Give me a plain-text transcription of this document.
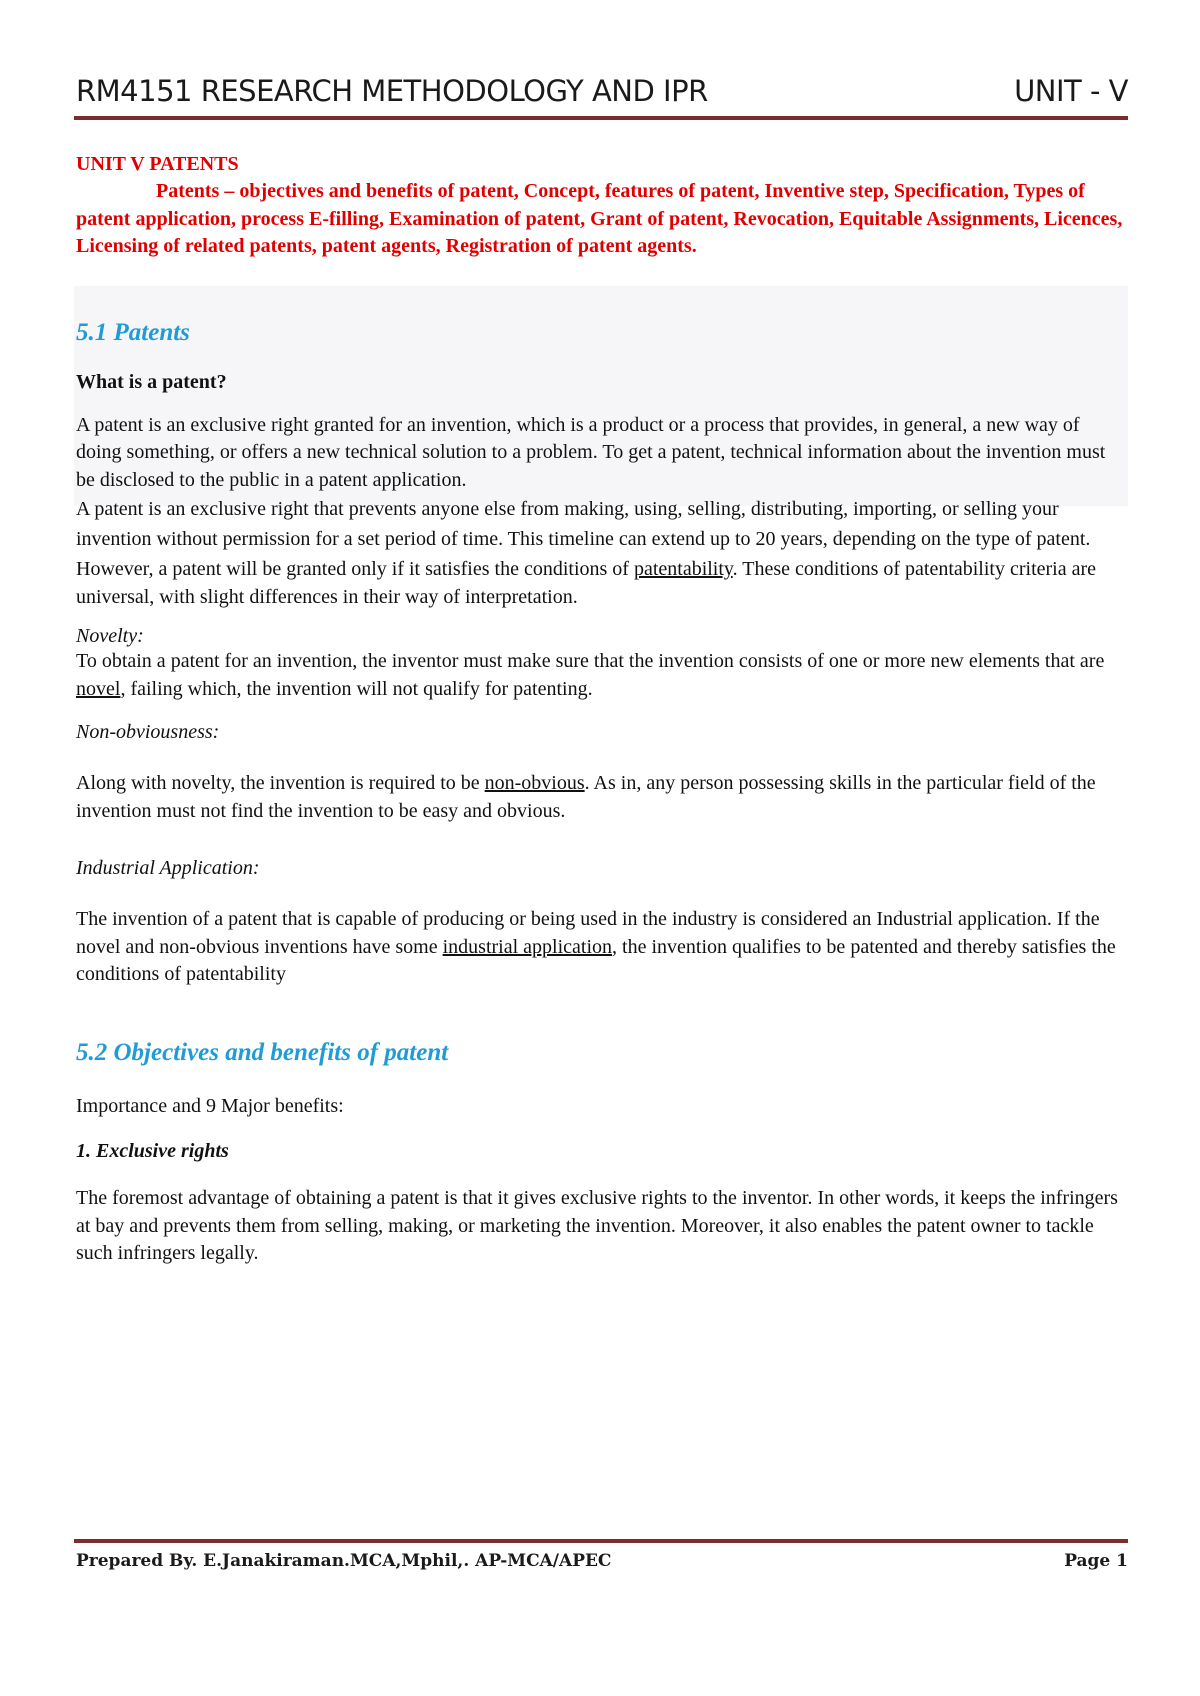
RM4151 RESEARCH METHODOLOGY AND IPR	UNIT - V

UNIT V PATENTS

Patents – objectives and benefits of patent, Concept, features of patent, Inventive step, Specification, Types of patent application, process E-filling, Examination of patent, Grant of patent, Revocation, Equitable Assignments, Licences, Licensing of related patents, patent agents, Registration of patent agents.

5.1 Patents

What is a patent?

A patent is an exclusive right granted for an invention, which is a product or a process that provides, in general, a new way of doing something, or offers a new technical solution to a problem. To get a patent, technical information about the invention must be disclosed to the public in a patent application.

A patent is an exclusive right that prevents anyone else from making, using, selling, distributing, importing, or selling your invention without permission for a set period of time. This timeline can extend up to 20 years, depending on the type of patent.

However, a patent will be granted only if it satisfies the conditions of patentability. These conditions of patentability criteria are universal, with slight differences in their way of interpretation.

Novelty:

To obtain a patent for an invention, the inventor must make sure that the invention consists of one or more new elements that are novel, failing which, the invention will not qualify for patenting.

Non-obviousness:

Along with novelty, the invention is required to be non-obvious. As in, any person possessing skills in the particular field of the invention must not find the invention to be easy and obvious.

Industrial Application:

The invention of a patent that is capable of producing or being used in the industry is considered an Industrial application. If the novel and non-obvious inventions have some industrial application, the invention qualifies to be patented and thereby satisfies the conditions of patentability

5.2 Objectives and benefits of patent

Importance and 9 Major benefits:

1. Exclusive rights

The foremost advantage of obtaining a patent is that it gives exclusive rights to the inventor. In other words, it keeps the infringers at bay and prevents them from selling, making, or marketing the invention. Moreover, it also enables the patent owner to tackle such infringers legally.

Prepared By. E.Janakiraman.MCA,Mphil,. AP-MCA/APEC	Page 1
